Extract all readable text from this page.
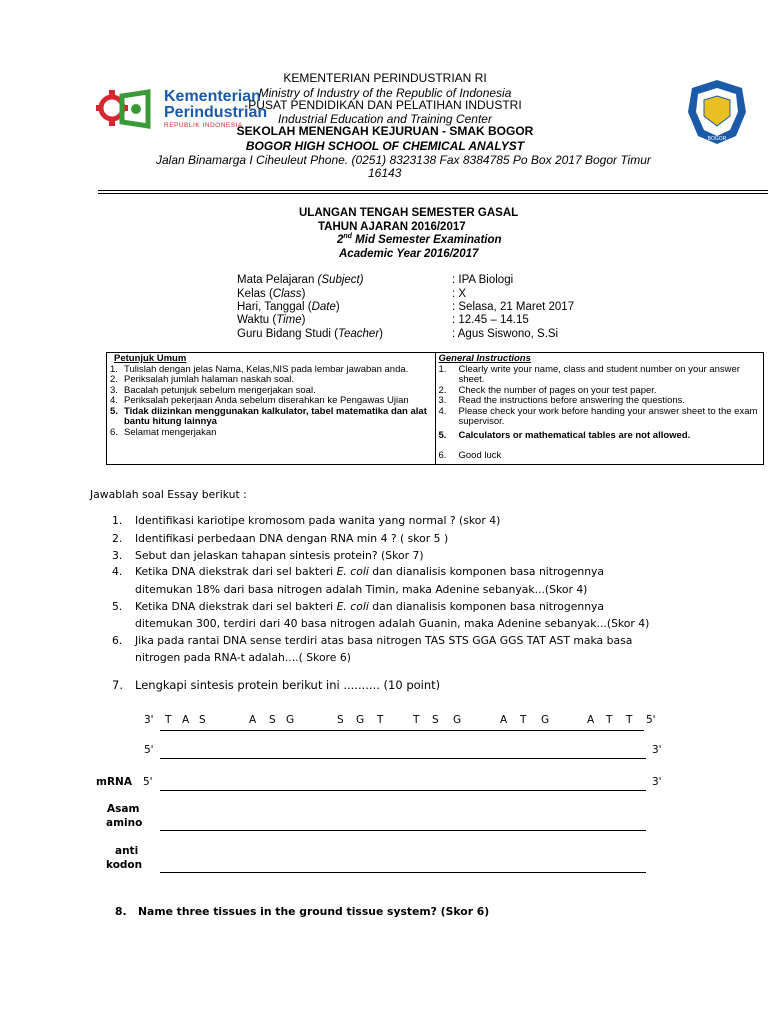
Kementerian
Perindustrian
REPUBLIK INDONESIA
BOGOR
KEMENTERIAN PERINDUSTRIAN RI
Ministry of Industry of the Republic of Indonesia
PUSAT PENDIDIKAN DAN PELATIHAN INDUSTRI
Industrial Education and Training Center
SEKOLAH MENENGAH KEJURUAN - SMAK BOGOR
BOGOR HIGH SCHOOL OF CHEMICAL ANALYST
Jalan Binamarga I Ciheuleut Phone. (0251) 8323138 Fax 8384785 Po Box 2017 Bogor Timur
16143
ULANGAN TENGAH SEMESTER GASAL
TAHUN AJARAN 2016/2017
2nd Mid Semester Examination
Academic Year 2016/2017
Mata Pelajaran (Subject)	: IPA Biologi
Kelas (Class)	: X
Hari, Tanggal (Date)	: Selasa, 21 Maret 2017
Waktu (Time)	: 12.45 – 14.15
Guru Bidang Studi (Teacher)	: Agus Siswono, S.Si
Petunjuk Umum
1. Tulislah dengan jelas Nama, Kelas,NIS pada lembar jawaban anda.
2. Periksalah jumlah halaman naskah soal.
3. Bacalah petunjuk sebelum mengerjakan soal.
4. Periksalah pekerjaan Anda sebelum diserahkan ke Pengawas Ujian
5. Tidak diizinkan menggunakan kalkulator, tabel matematika dan alat bantu hitung lainnya
6. Selamat mengerjakan

General Instructions
1.	Clearly write your name, class and student number on your answer sheet.
2.	Check the number of pages on your test paper.
3.	Read the instructions before answering the questions.
4.	Please check your work before handing your answer sheet to the exam supervisor.
5.	Calculators or mathematical tables are not allowed.
6.	Good luck
Jawablah soal Essay berikut :
1. Identifikasi kariotipe kromosom pada wanita yang normal ? (skor 4)
2. Identifikasi perbedaan DNA dengan RNA min 4 ? ( skor 5 )
3. Sebut dan jelaskan tahapan sintesis protein? (Skor 7)
4. Ketika DNA diekstrak dari sel bakteri E. coli dan dianalisis komponen basa nitrogennya
ditemukan 18% dari basa nitrogen adalah Timin, maka Adenine sebanyak...(Skor 4)
5. Ketika DNA diekstrak dari sel bakteri E. coli dan dianalisis komponen basa nitrogennya
ditemukan 300, terdiri dari 40 basa nitrogen adalah Guanin, maka Adenine sebanyak...(Skor 4)
6. Jika pada rantai DNA sense terdiri atas basa nitrogen TAS STS GGA GGS TAT AST maka basa
nitrogen pada RNA-t adalah....( Skore 6)
7. Lengkapi sintesis protein berikut ini .......... (10 point)
3' T A S	A S G	S G T	T S G	A T G	A T T 5'
5'	3'
mRNA 5'	3'
Asam
amino
anti
kodon
8. Name three tissues in the ground tissue system? (Skor 6)
